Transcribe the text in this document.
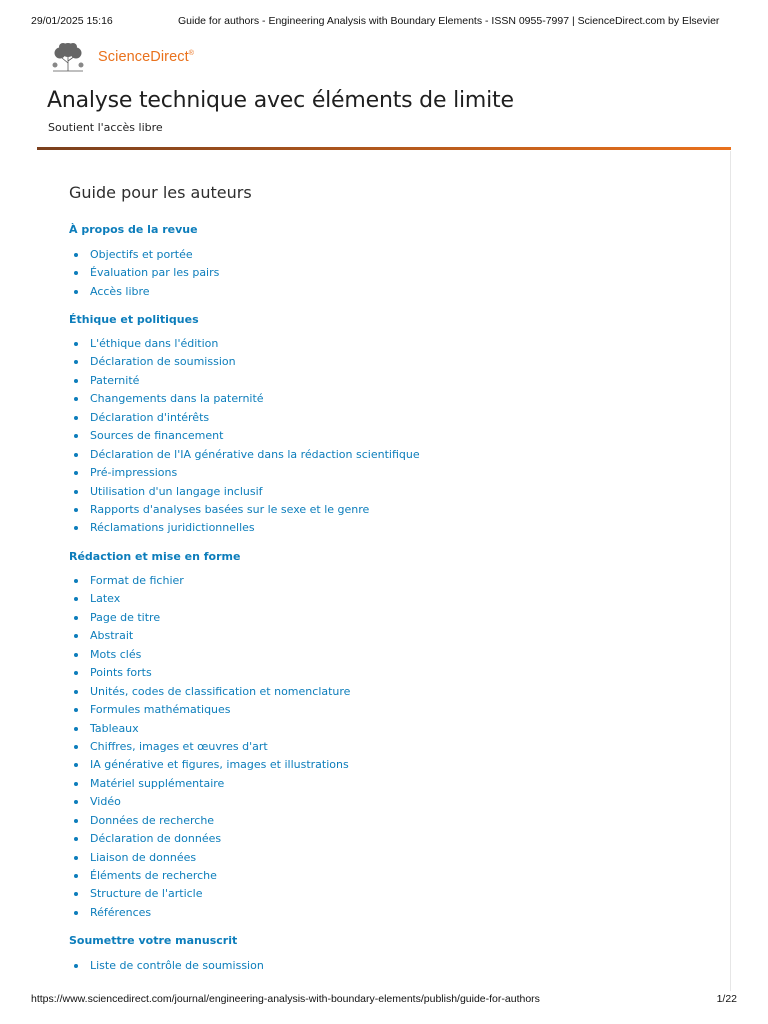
29/01/2025 15:16	Guide for authors - Engineering Analysis with Boundary Elements - ISSN 0955-7997 | ScienceDirect.com by Elsevier
ScienceDirect®
Analyse technique avec éléments de limite
Soutient l'accès libre
Guide pour les auteurs
À propos de la revue
Objectifs et portée
Évaluation par les pairs
Accès libre
Éthique et politiques
L'éthique dans l'édition
Déclaration de soumission
Paternité
Changements dans la paternité
Déclaration d'intérêts
Sources de financement
Déclaration de l'IA générative dans la rédaction scientifique
Pré-impressions
Utilisation d'un langage inclusif
Rapports d'analyses basées sur le sexe et le genre
Réclamations juridictionnelles
Rédaction et mise en forme
Format de fichier
Latex
Page de titre
Abstrait
Mots clés
Points forts
Unités, codes de classification et nomenclature
Formules mathématiques
Tableaux
Chiffres, images et œuvres d'art
IA générative et figures, images et illustrations
Matériel supplémentaire
Vidéo
Données de recherche
Déclaration de données
Liaison de données
Éléments de recherche
Structure de l'article
Références
Soumettre votre manuscrit
Liste de contrôle de soumission
https://www.sciencedirect.com/journal/engineering-analysis-with-boundary-elements/publish/guide-for-authors	1/22
